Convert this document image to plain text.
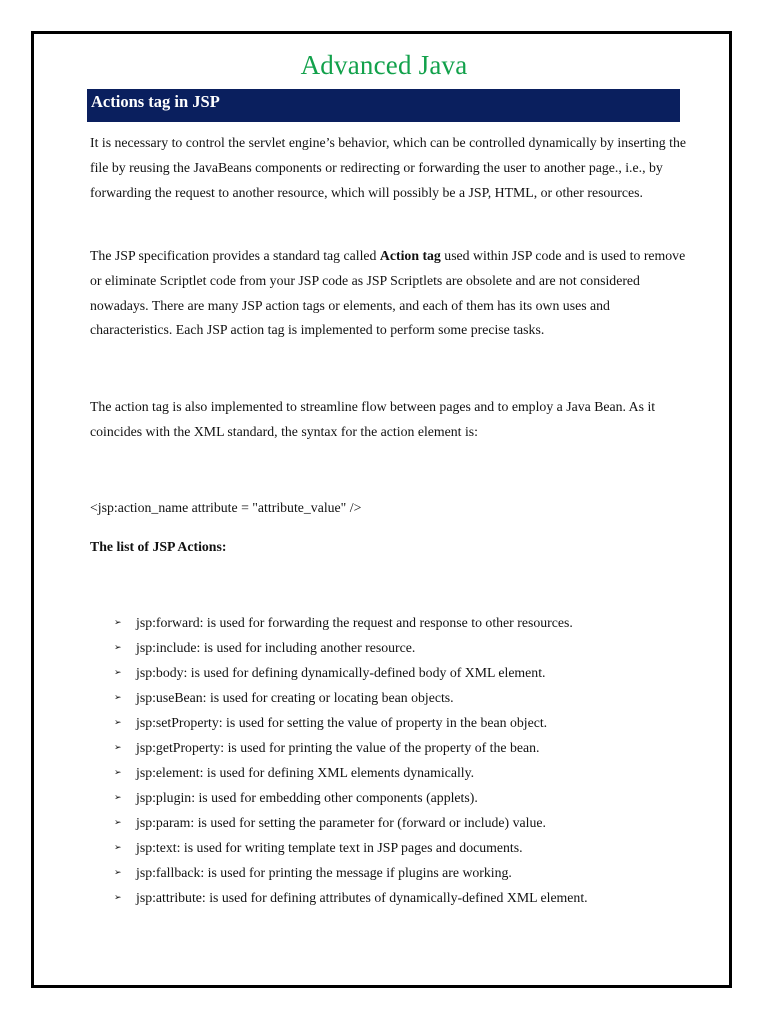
Advanced Java
Actions tag in JSP

It is necessary to control the servlet engine’s behavior, which can be controlled dynamically by inserting the file by reusing the JavaBeans components or redirecting or forwarding the user to another page., i.e., by forwarding the request to another resource, which will possibly be a JSP, HTML, or other resources.

The JSP specification provides a standard tag called Action tag used within JSP code and is used to remove or eliminate Scriptlet code from your JSP code as JSP Scriptlets are obsolete and are not considered nowadays. There are many JSP action tags or elements, and each of them has its own uses and characteristics. Each JSP action tag is implemented to perform some precise tasks.

The action tag is also implemented to streamline flow between pages and to employ a Java Bean. As it coincides with the XML standard, the syntax for the action element is:

<jsp:action_name attribute = "attribute_value" />
The list of JSP Actions:
➢	jsp:forward: is used for forwarding the request and response to other resources.
➢	jsp:include: is used for including another resource.
➢	jsp:body: is used for defining dynamically-defined body of XML element.
➢	jsp:useBean: is used for creating or locating bean objects.
➢	jsp:setProperty: is used for setting the value of property in the bean object.
➢	jsp:getProperty: is used for printing the value of the property of the bean.
➢	jsp:element: is used for defining XML elements dynamically.
➢	jsp:plugin: is used for embedding other components (applets).
➢	jsp:param: is used for setting the parameter for (forward or include) value.
➢	jsp:text: is used for writing template text in JSP pages and documents.
➢	jsp:fallback: is used for printing the message if plugins are working.
➢	jsp:attribute: is used for defining attributes of dynamically-defined XML element.
